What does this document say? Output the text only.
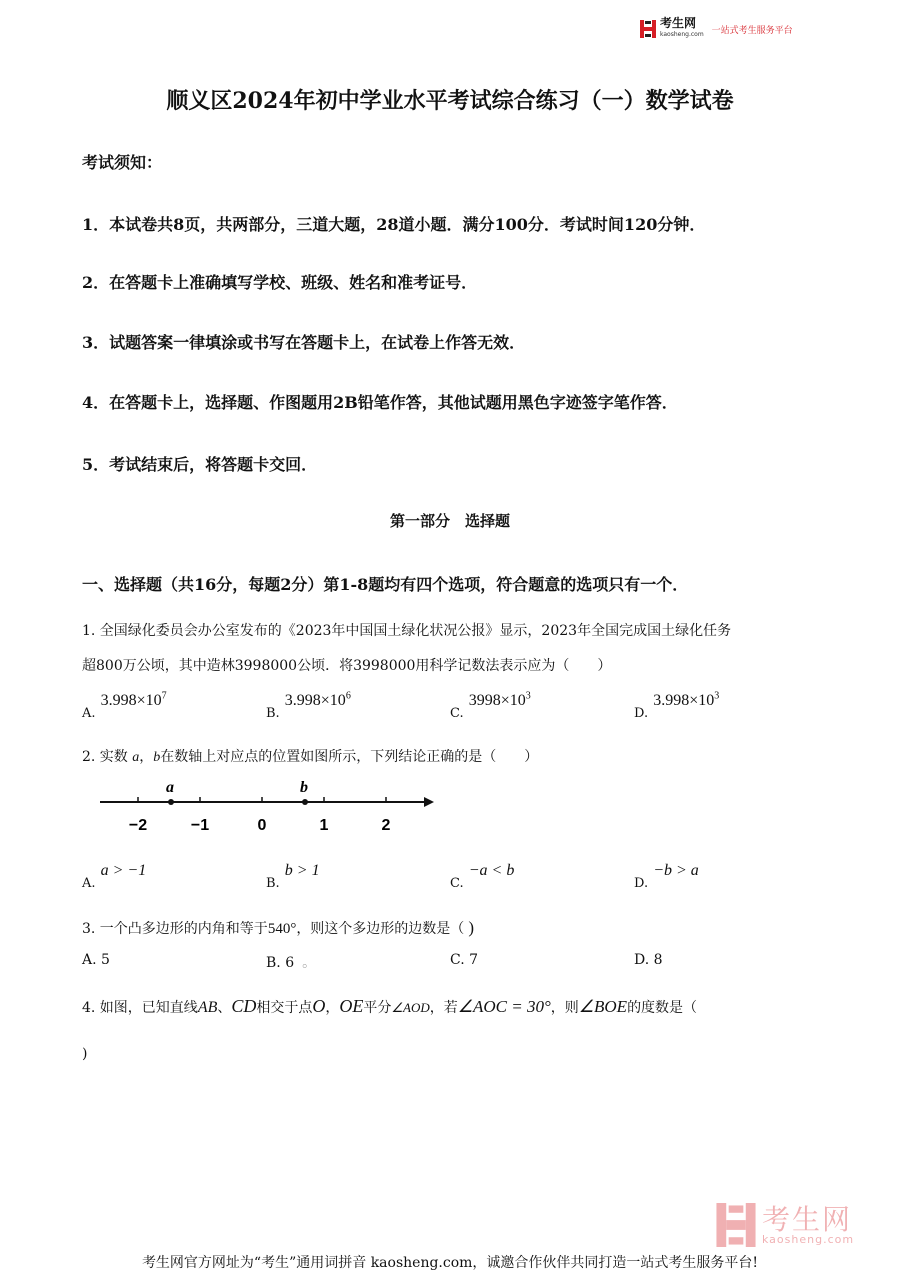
考生网
kaosheng.com 一站式考生服务平台
顺义区2024年初中学业水平考试综合练习（一）数学试卷
考试须知：
1．本试卷共8页，共两部分，三道大题，28道小题．满分100分．考试时间120分钟．
2．在答题卡上准确填写学校、班级、姓名和准考证号．
3．试题答案一律填涂或书写在答题卡上，在试卷上作答无效．
4．在答题卡上，选择题、作图题用2B铅笔作答，其他试题用黑色字迹签字笔作答．
5．考试结束后，将答题卡交回．
第一部分　选择题
一、选择题（共16分，每题2分）第1-8题均有四个选项，符合题意的选项只有一个．
1. 全国绿化委员会办公室发布的《2023年中国国土绿化状况公报》显示，2023年全国完成国土绿化任务
超800万公顷，其中造林3998000公顷．将3998000用科学记数法表示应为（　　）
$_{A.}$ $3.998\times 10^7$
$_{B.}$ $3.998\times 10^6$
$_{C.}$ $3998\times 10^3$
$_{D.}$ $3.998\times 10^3$
2. 实数 a，b在数轴上对应点的位置如图所示，下列结论正确的是（　　）
a	b
−2	−1	0	1	2
$_{A.}$ a > −1
$_{B.}$ b > 1
$_{C.}$ −a < b
$_{D.}$ −b > a
3. 一个凸多边形的内角和等于540°，则这个多边形的边数是（ )
A. 5	B. 6 。	C. 7	D. 8
4. 如图，已知直线AB、CD相交于点O，OE平分∠AOD，若∠AOC = 30°，则∠BOE的度数是（
)
考生网
kaosheng.com
考生网官方网址为“考生”通用词拼音 kaosheng.com，诚邀合作伙伴共同打造一站式考生服务平台!
